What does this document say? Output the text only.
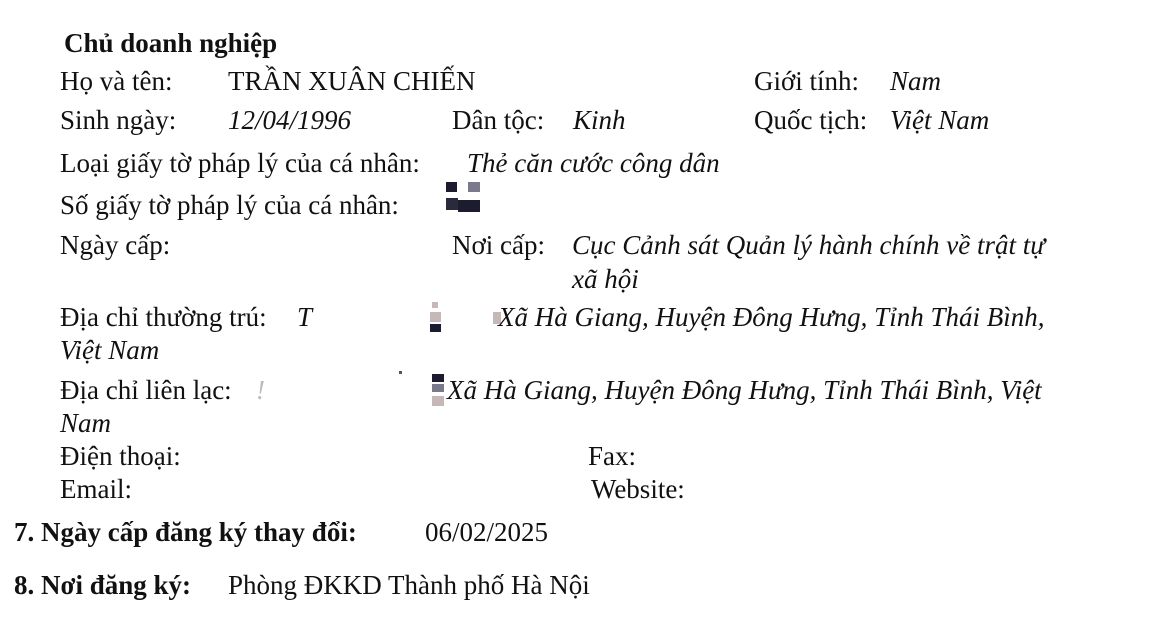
Chủ doanh nghiệp
Họ và tên: TRẦN XUÂN CHIẾN	Giới tính: Nam
Sinh ngày: 12/04/1996	Dân tộc: Kinh	Quốc tịch: Việt Nam
Loại giấy tờ pháp lý của cá nhân: Thẻ căn cước công dân
Số giấy tờ pháp lý của cá nhân:
Ngày cấp:	Nơi cấp: Cục Cảnh sát Quản lý hành chính về trật tự
xã hội
Địa chỉ thường trú: T	Xã Hà Giang, Huyện Đông Hưng, Tỉnh Thái Bình,
Việt Nam
Địa chỉ liên lạc: !	Xã Hà Giang, Huyện Đông Hưng, Tỉnh Thái Bình, Việt
Nam
Điện thoại:	Fax:
Email:	Website:
7. Ngày cấp đăng ký thay đổi:	06/02/2025
8. Nơi đăng ký: Phòng ĐKKD Thành phố Hà Nội
